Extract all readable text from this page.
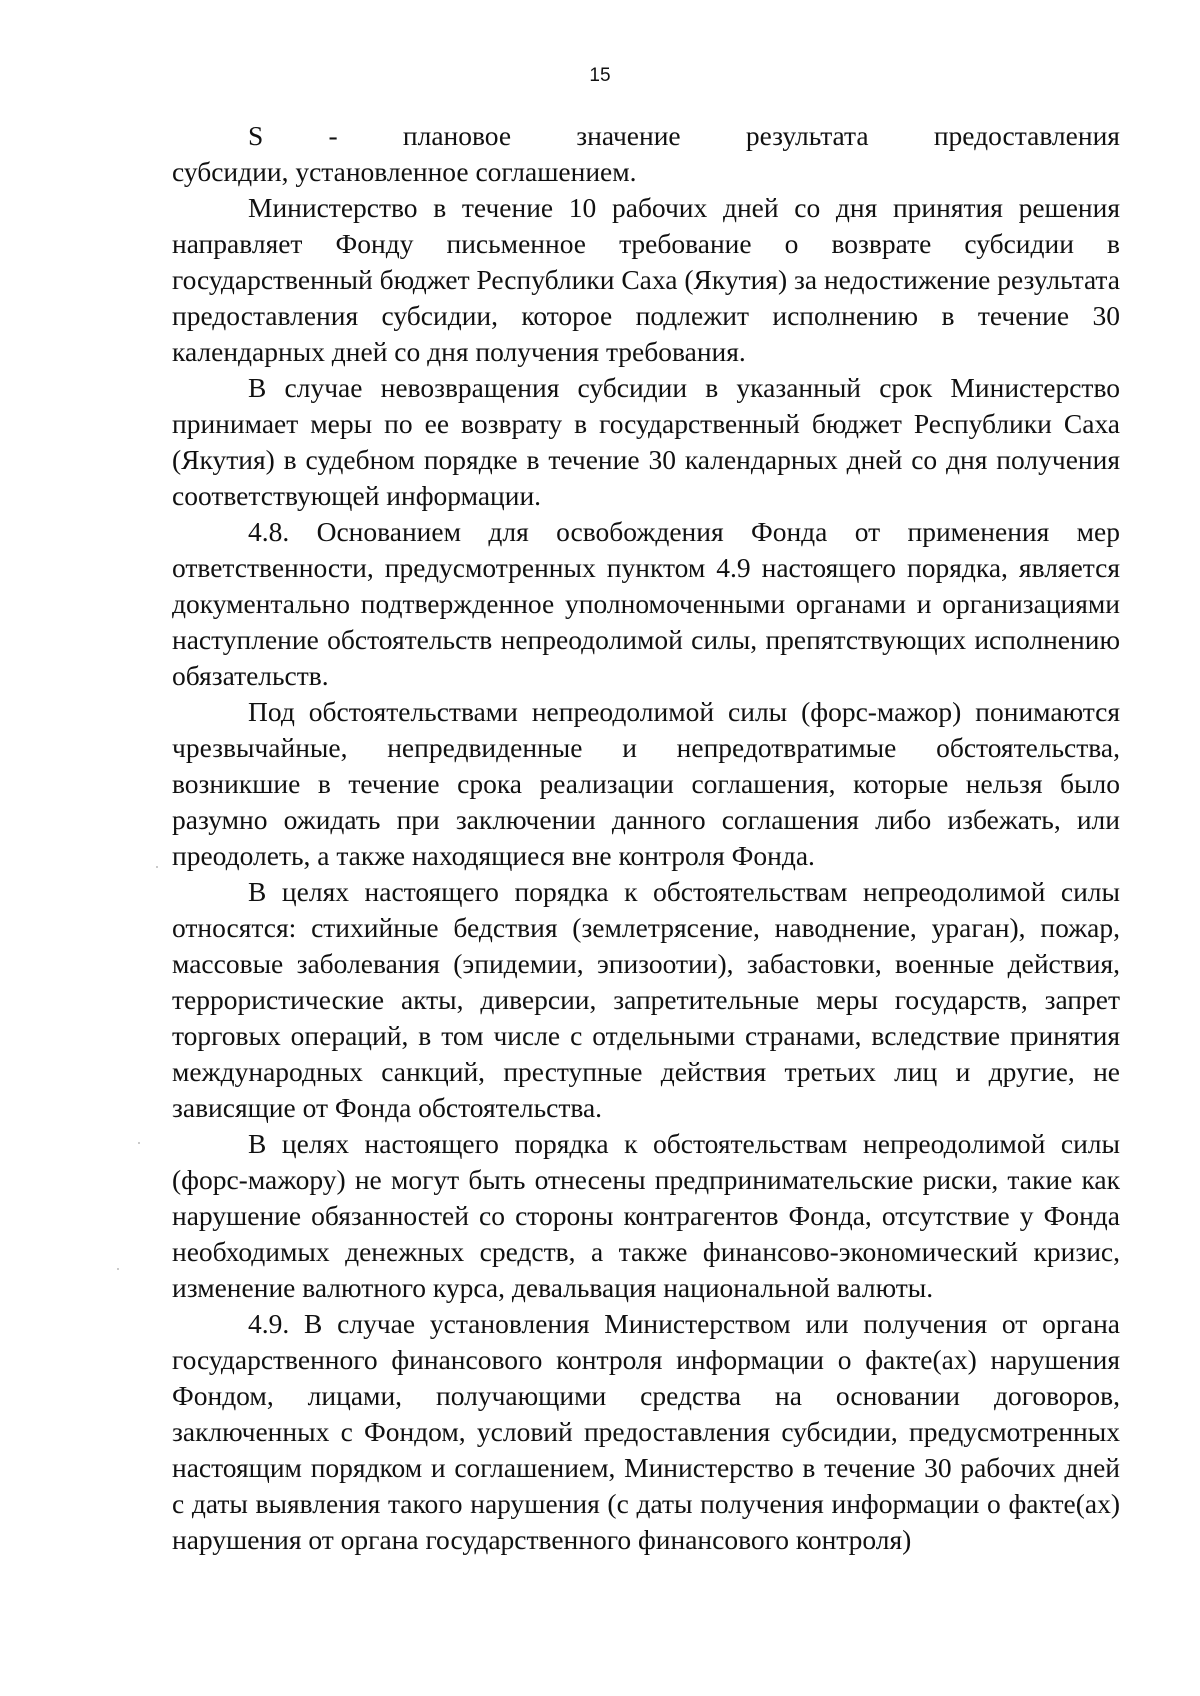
15
S - плановое значение результата предоставления

субсидии, установленное соглашением.

Министерство в течение 10 рабочих дней со дня принятия решения направляет Фонду письменное требование о возврате субсидии в государственный бюджет Республики Саха (Якутия) за недостижение результата предоставления субсидии, которое подлежит исполнению в течение 30 календарных дней со дня получения требования.

В случае невозвращения субсидии в указанный срок Министерство принимает меры по ее возврату в государственный бюджет Республики Саха (Якутия) в судебном порядке в течение 30 календарных дней со дня получения соответствующей информации.

4.8. Основанием для освобождения Фонда от применения мер ответственности, предусмотренных пунктом 4.9 настоящего порядка, является документально подтвержденное уполномоченными органами и организациями наступление обстоятельств непреодолимой силы, препятствующих исполнению обязательств.

Под обстоятельствами непреодолимой силы (форс-мажор) понимаются чрезвычайные, непредвиденные и непредотвратимые обстоятельства, возникшие в течение срока реализации соглашения, которые нельзя было разумно ожидать при заключении данного соглашения либо избежать, или преодолеть, а также находящиеся вне контроля Фонда.

В целях настоящего порядка к обстоятельствам непреодолимой силы относятся: стихийные бедствия (землетрясение, наводнение, ураган), пожар, массовые заболевания (эпидемии, эпизоотии), забастовки, военные действия, террористические акты, диверсии, запретительные меры государств, запрет торговых операций, в том числе с отдельными странами, вследствие принятия международных санкций, преступные действия третьих лиц и другие, не зависящие от Фонда обстоятельства.

В целях настоящего порядка к обстоятельствам непреодолимой силы (форс-мажору) не могут быть отнесены предпринимательские риски, такие как нарушение обязанностей со стороны контрагентов Фонда, отсутствие у Фонда необходимых денежных средств, а также финансово-экономический кризис, изменение валютного курса, девальвация национальной валюты.

4.9. В случае установления Министерством или получения от органа государственного финансового контроля информации о факте(ах) нарушения Фондом, лицами, получающими средства на основании договоров, заключенных с Фондом, условий предоставления субсидии, предусмотренных настоящим порядком и соглашением, Министерство в течение 30 рабочих дней с даты выявления такого нарушения (с даты получения информации о факте(ах) нарушения от органа государственного финансового контроля)
